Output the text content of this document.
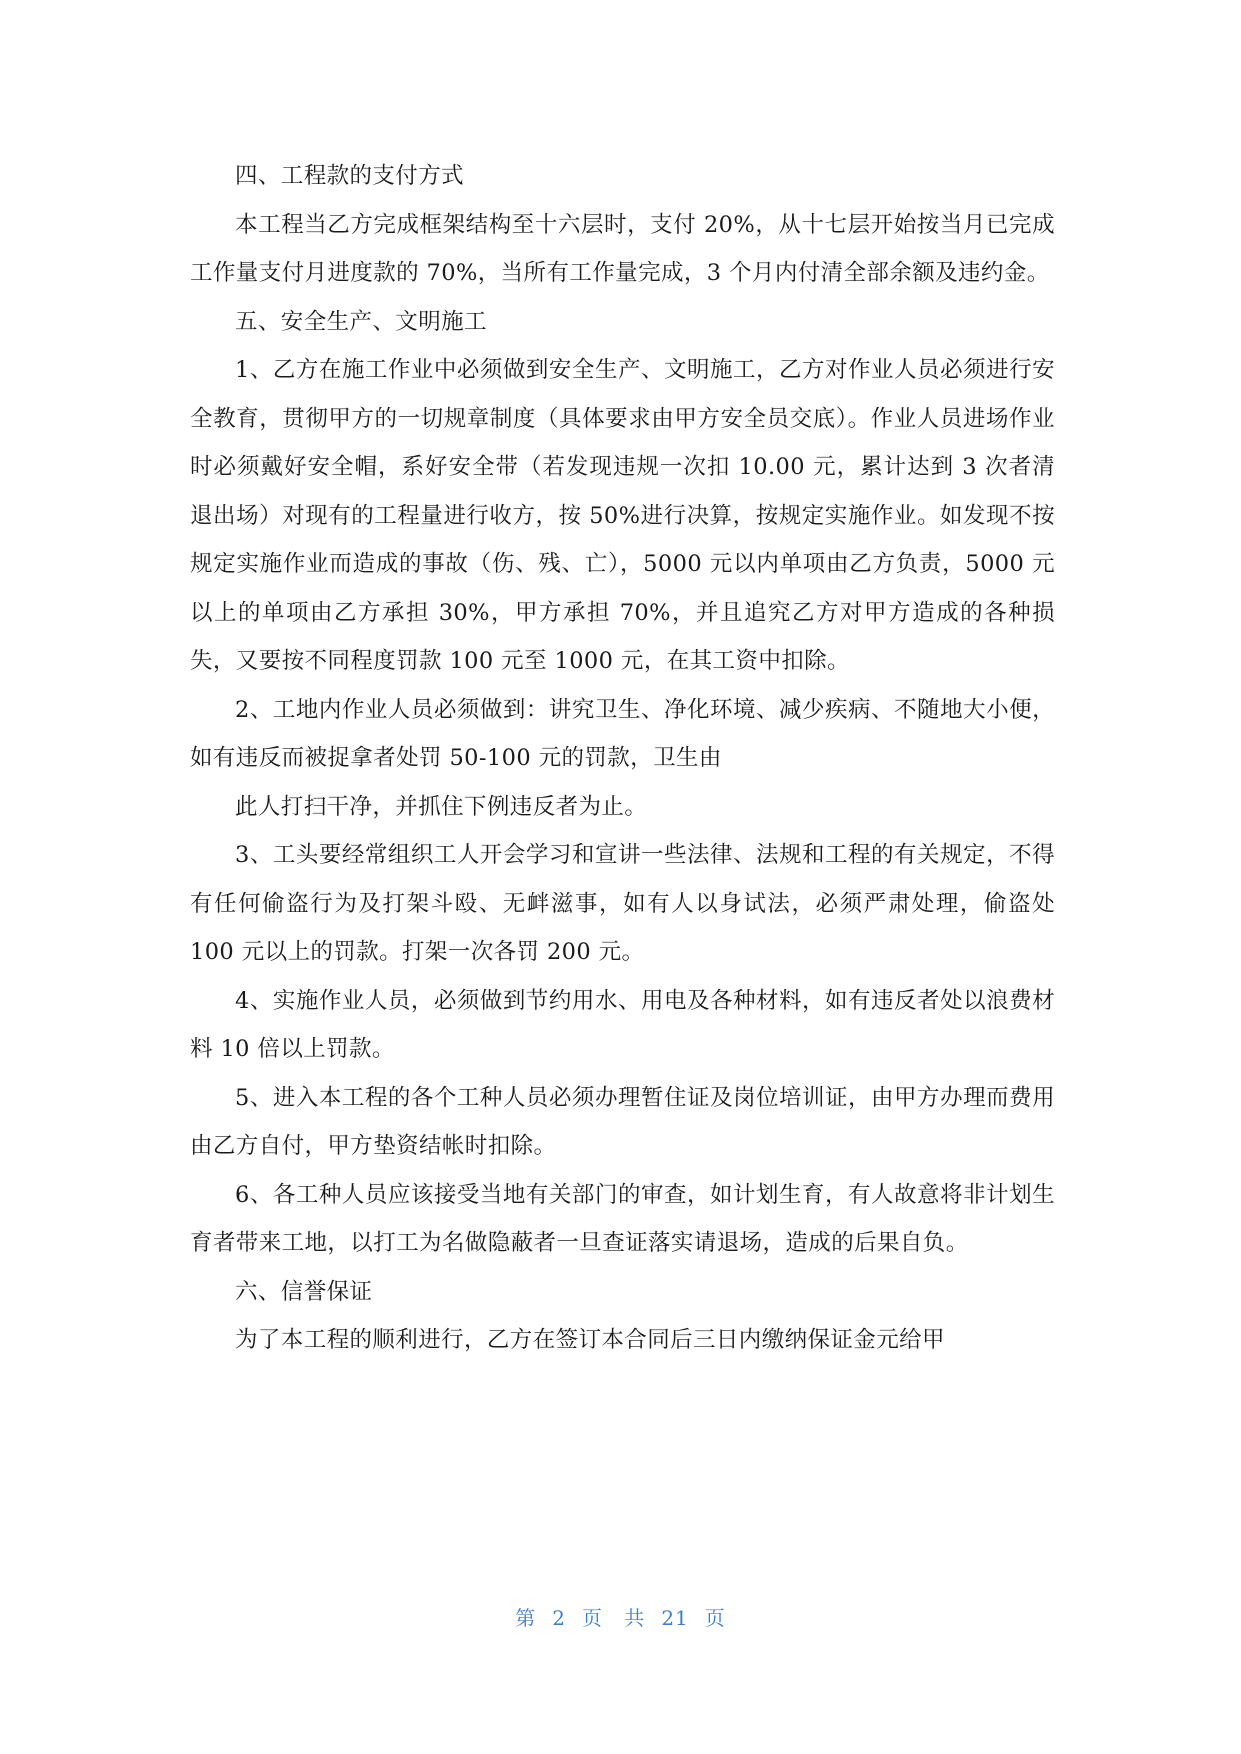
四、工程款的支付方式

本工程当乙方完成框架结构至十六层时，支付 20%，从十七层开始按当月已完成工作量支付月进度款的 70%，当所有工作量完成，3 个月内付清全部余额及违约金。

五、安全生产、文明施工

1、乙方在施工作业中必须做到安全生产、文明施工，乙方对作业人员必须进行安全教育，贯彻甲方的一切规章制度（具体要求由甲方安全员交底）。作业人员进场作业时必须戴好安全帽，系好安全带（若发现违规一次扣 10.00 元，累计达到 3 次者清退出场）对现有的工程量进行收方，按 50%进行决算，按规定实施作业。如发现不按规定实施作业而造成的事故（伤、残、亡），5000 元以内单项由乙方负责，5000 元以上的单项由乙方承担 30%，甲方承担 70%，并且追究乙方对甲方造成的各种损失，又要按不同程度罚款 100 元至 1000 元，在其工资中扣除。

2、工地内作业人员必须做到：讲究卫生、净化环境、减少疾病、不随地大小便，如有违反而被捉拿者处罚 50-100 元的罚款，卫生由

此人打扫干净，并抓住下例违反者为止。

3、工头要经常组织工人开会学习和宣讲一些法律、法规和工程的有关规定，不得有任何偷盗行为及打架斗殴、无衅滋事，如有人以身试法，必须严肃处理，偷盗处 100 元以上的罚款。打架一次各罚 200 元。

4、实施作业人员，必须做到节约用水、用电及各种材料，如有违反者处以浪费材料 10 倍以上罚款。

5、进入本工程的各个工种人员必须办理暂住证及岗位培训证，由甲方办理而费用由乙方自付，甲方垫资结帐时扣除。

6、各工种人员应该接受当地有关部门的审查，如计划生育，有人故意将非计划生育者带来工地，以打工为名做隐蔽者一旦查证落实请退场，造成的后果自负。

六、信誉保证

为了本工程的顺利进行，乙方在签订本合同后三日内缴纳保证金元给甲

第 2 页 共 21 页
